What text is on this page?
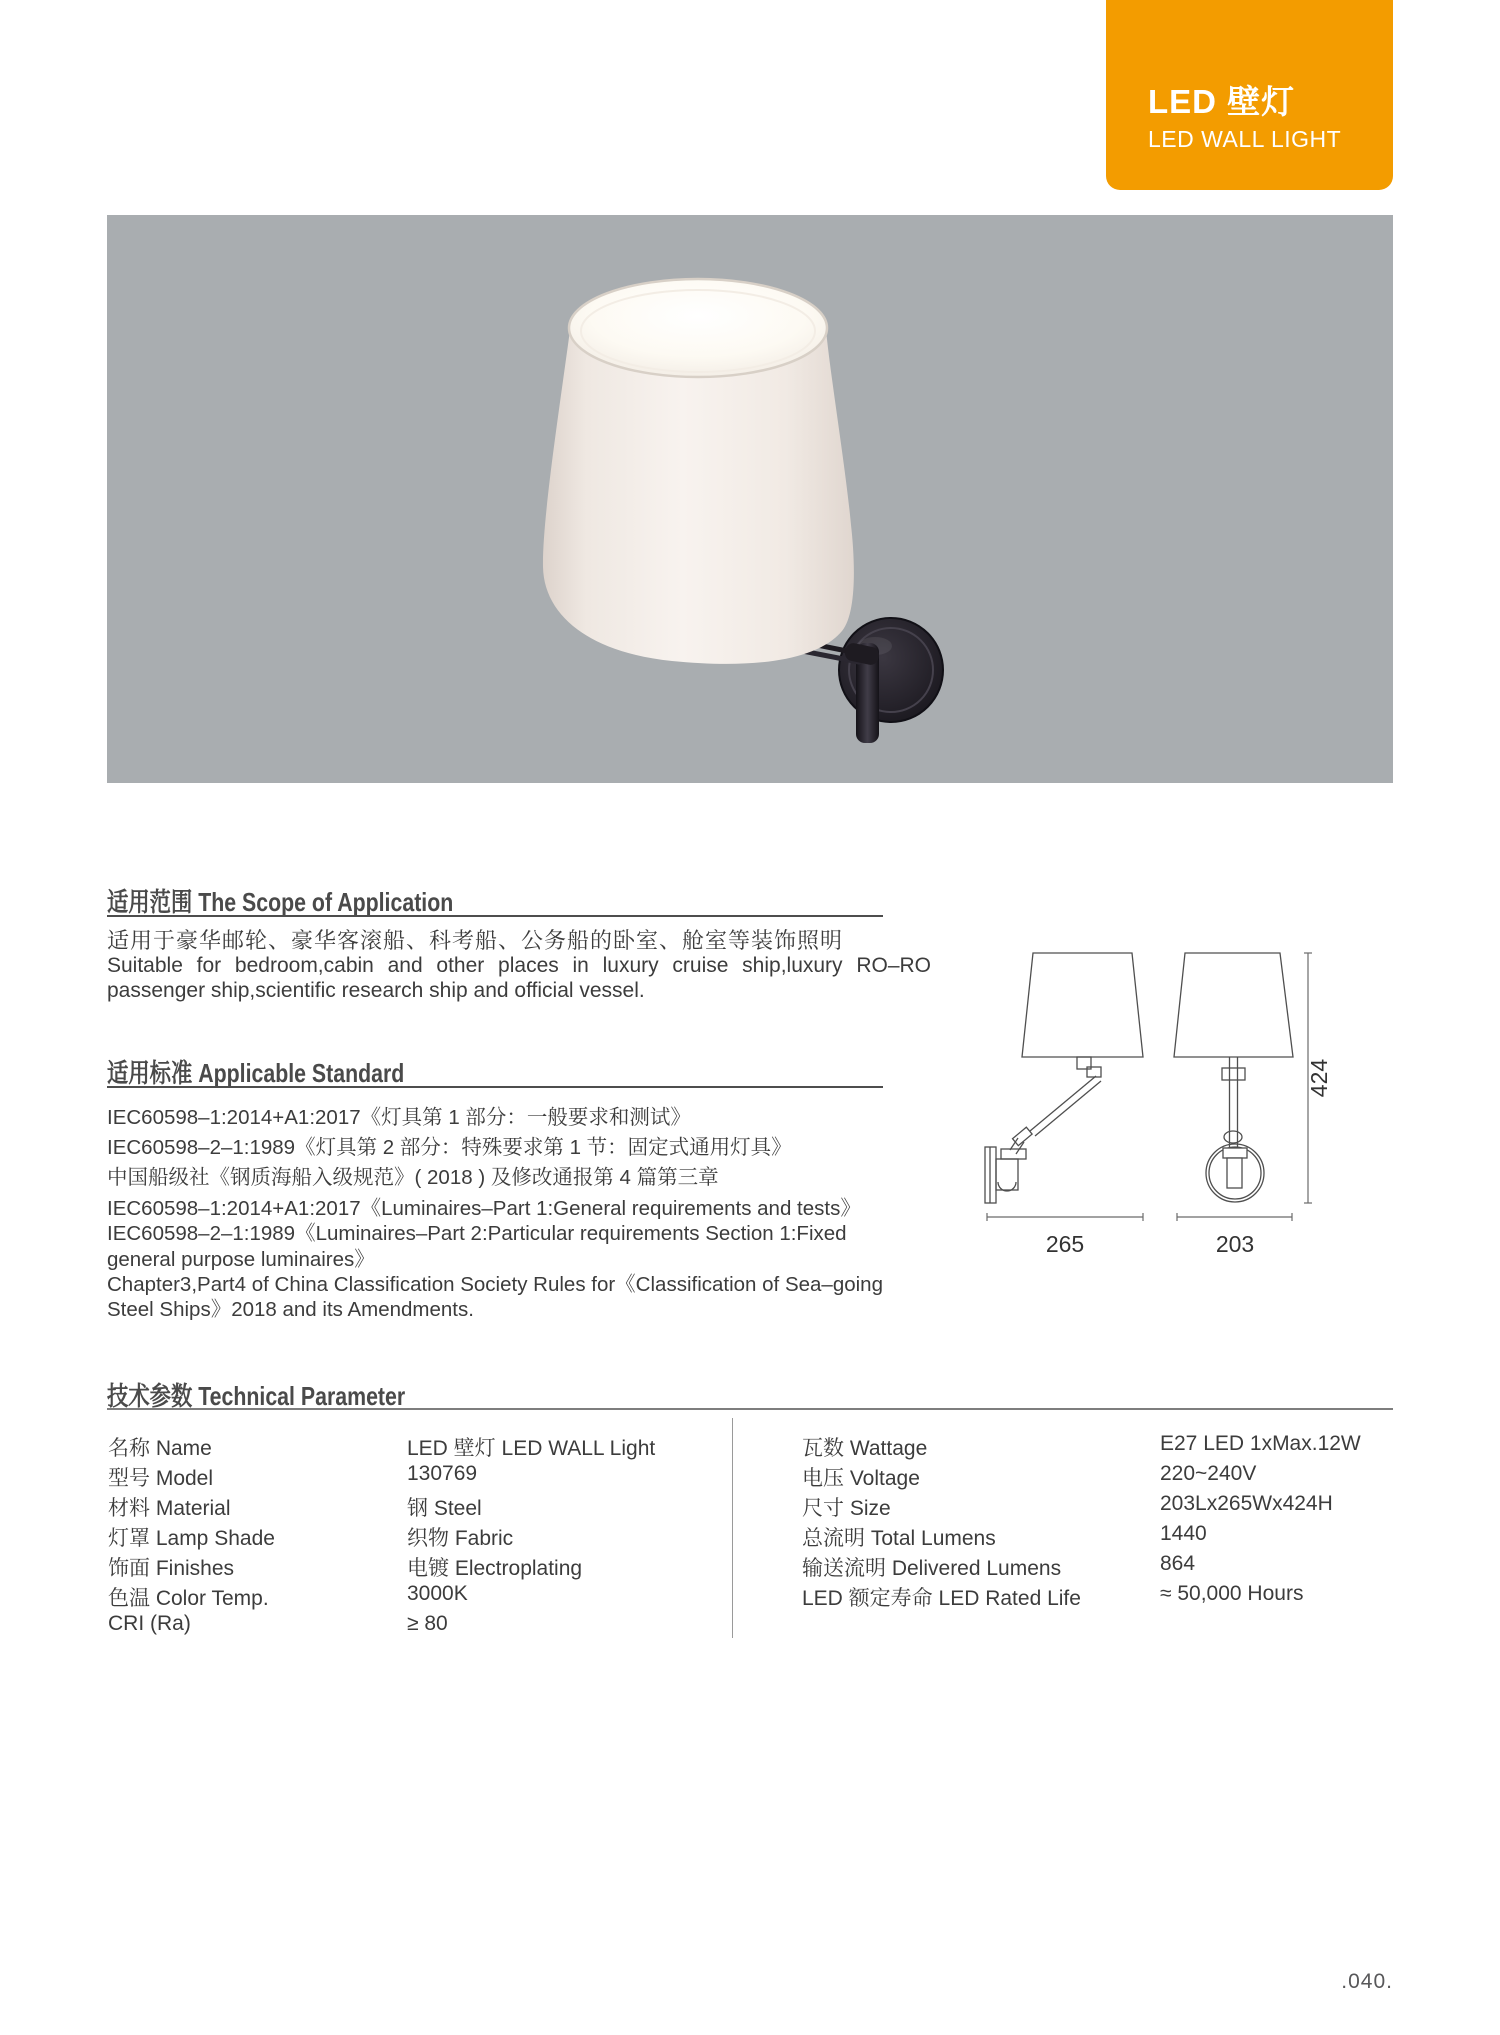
LED 壁灯
LED WALL LIGHT
适用范围 The Scope of Application
适用于豪华邮轮、豪华客滚船、科考船、公务船的卧室、舱室等装饰照明
Suitable for bedroom,cabin and other places in luxury cruise ship,luxury RO–RO passenger ship,scientific research ship and official vessel.
适用标准 Applicable Standard
IEC60598–1:2014+A1:2017《灯具第 1 部分：一般要求和测试》
IEC60598–2–1:1989《灯具第 2 部分：特殊要求第 1 节：固定式通用灯具》
中国船级社《钢质海船入级规范》( 2018 ) 及修改通报第 4 篇第三章
IEC60598–1:2014+A1:2017《Luminaires–Part 1:General requirements and tests》
IEC60598–2–1:1989《Luminaires–Part 2:Particular requirements Section 1:Fixed
general purpose luminaires》
Chapter3,Part4 of China Classification Society Rules for《Classification of Sea–going
Steel Ships》2018 and its Amendments.
265	203
424
技术参数 Technical Parameter
名称 Name	LED 壁灯 LED WALL Light
型号 Model	130769
材料 Material	钢 Steel
灯罩 Lamp Shade	织物 Fabric
饰面 Finishes	电镀 Electroplating
色温 Color Temp.	3000K
CRI (Ra)	≥ 80
瓦数 Wattage	E27 LED 1xMax.12W
电压 Voltage	220~240V
尺寸 Size	203Lx265Wx424H
总流明 Total Lumens	1440
输送流明 Delivered Lumens	864
LED 额定寿命 LED Rated Life	≈ 50,000 Hours
.040.
